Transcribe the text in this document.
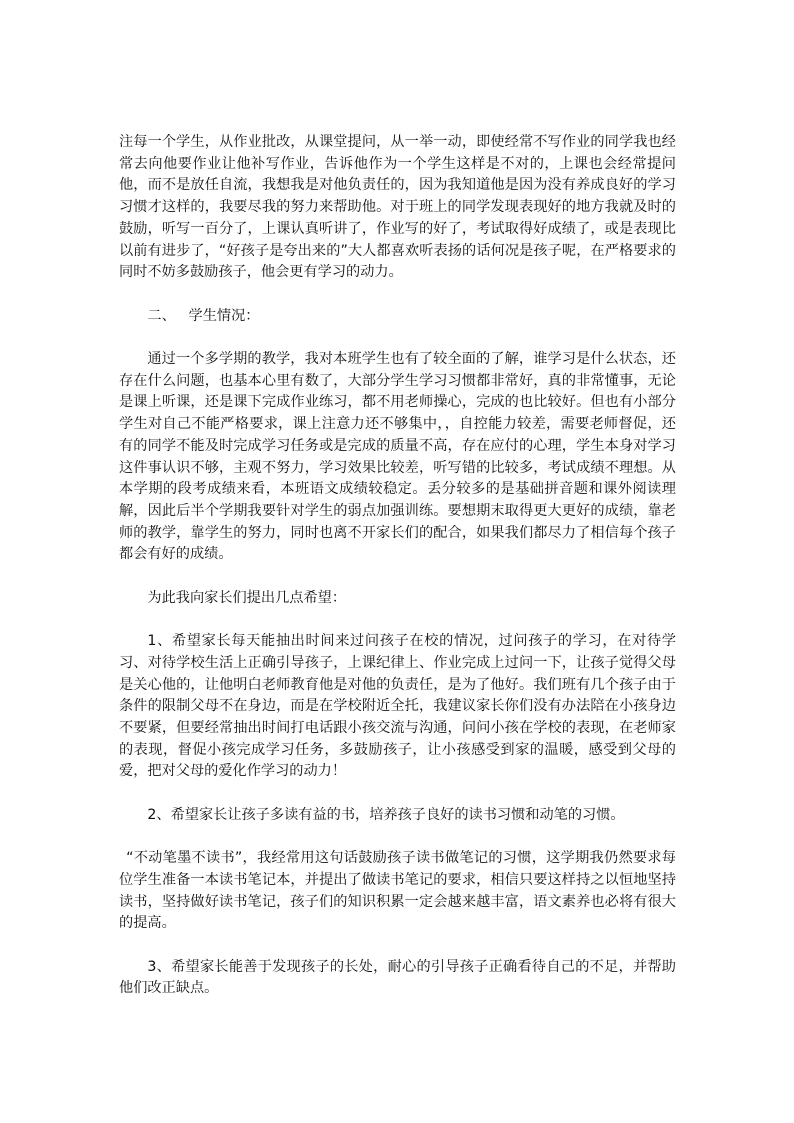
注每一个学生，从作业批改，从课堂提问，从一举一动，即使经常不写作业的同学我也经常去向他要作业让他补写作业，告诉他作为一个学生这样是不对的，上课也会经常提问他，而不是放任自流，我想我是对他负责任的，因为我知道他是因为没有养成良好的学习习惯才这样的，我要尽我的努力来帮助他。对于班上的同学发现表现好的地方我就及时的鼓励，听写一百分了，上课认真听讲了，作业写的好了，考试取得好成绩了，或是表现比以前有进步了，“好孩子是夸出来的”大人都喜欢听表扬的话何况是孩子呢，在严格要求的同时不妨多鼓励孩子，他会更有学习的动力。

二、 学生情况：

通过一个多学期的教学，我对本班学生也有了较全面的了解，谁学习是什么状态，还存在什么问题，也基本心里有数了，大部分学生学习习惯都非常好，真的非常懂事，无论是课上听课，还是课下完成作业练习，都不用老师操心，完成的也比较好。但也有小部分学生对自己不能严格要求，课上注意力还不够集中，，自控能力较差，需要老师督促，还有的同学不能及时完成学习任务或是完成的质量不高，存在应付的心理，学生本身对学习这件事认识不够，主观不努力，学习效果比较差，听写错的比较多，考试成绩不理想。从本学期的段考成绩来看，本班语文成绩较稳定。丢分较多的是基础拼音题和课外阅读理解，因此后半个学期我要针对学生的弱点加强训练。要想期末取得更大更好的成绩，靠老师的教学，靠学生的努力，同时也离不开家长们的配合，如果我们都尽力了相信每个孩子都会有好的成绩。

为此我向家长们提出几点希望：

1、希望家长每天能抽出时间来过问孩子在校的情况，过问孩子的学习，在对待学习、对待学校生活上正确引导孩子，上课纪律上、作业完成上过问一下，让孩子觉得父母是关心他的，让他明白老师教育他是对他的负责任，是为了他好。我们班有几个孩子由于条件的限制父母不在身边，而是在学校附近全托，我建议家长你们没有办法陪在小孩身边不要紧，但要经常抽出时间打电话跟小孩交流与沟通，问问小孩在学校的表现，在老师家的表现，督促小孩完成学习任务，多鼓励孩子，让小孩感受到家的温暖，感受到父母的爱，把对父母的爱化作学习的动力！

2、希望家长让孩子多读有益的书，培养孩子良好的读书习惯和动笔的习惯。

“不动笔墨不读书”，我经常用这句话鼓励孩子读书做笔记的习惯，这学期我仍然要求每位学生准备一本读书笔记本，并提出了做读书笔记的要求，相信只要这样持之以恒地坚持读书，坚持做好读书笔记，孩子们的知识积累一定会越来越丰富，语文素养也必将有很大的提高。

3、希望家长能善于发现孩子的长处，耐心的引导孩子正确看待自己的不足，并帮助他们改正缺点。
